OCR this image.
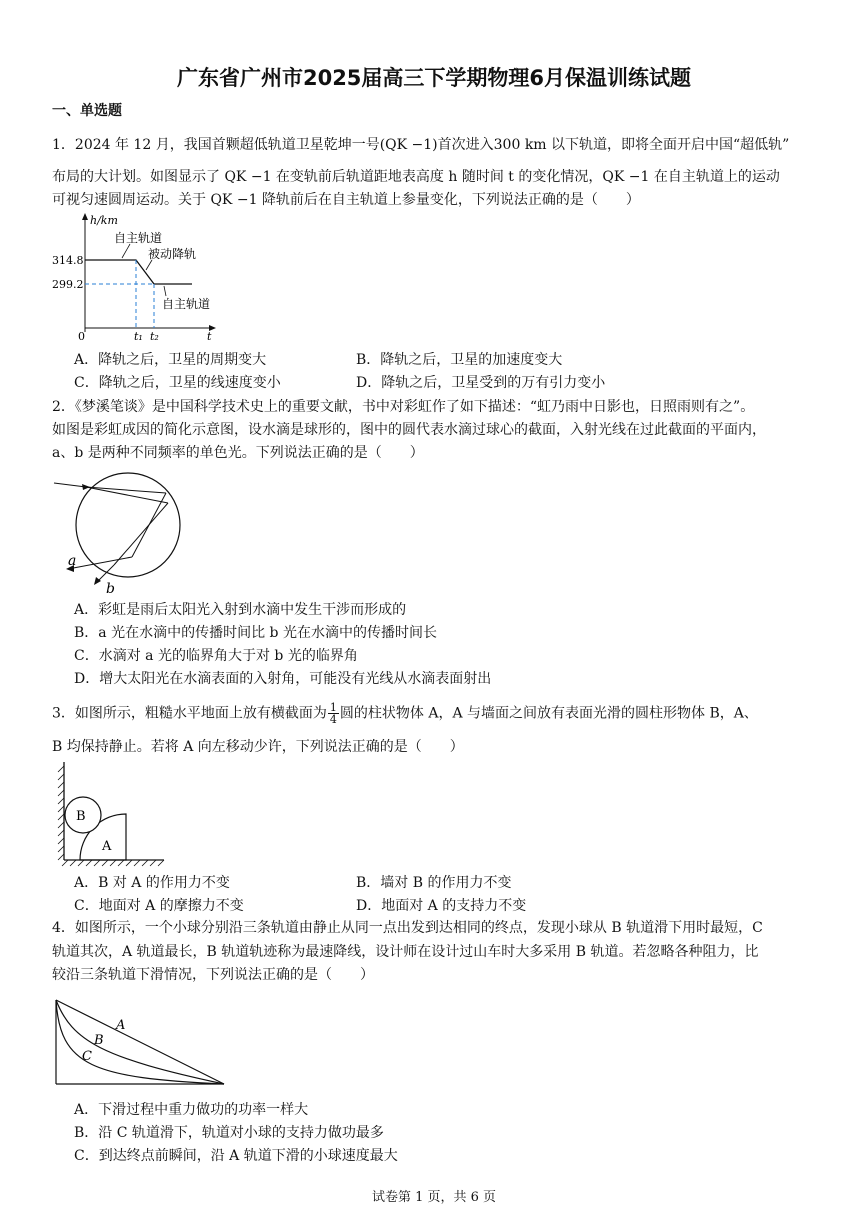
广东省广州市2025届高三下学期物理6月保温训练试题
一、单选题
1．2024 年 12 月，我国首颗超低轨道卫星乾坤一号(QK −1)首次进入300 km 以下轨道，即将全面开启中国“超低轨”
布局的大计划。如图显示了 QK −1 在变轨前后轨道距地表高度 h 随时间 t 的变化情况，QK −1 在自主轨道上的运动
可视匀速圆周运动。关于 QK −1 降轨前后在自主轨道上参量变化，下列说法正确的是（　　）
h/km
314.8
299.2
0	t
t₁ t₂
自主轨道
被动降轨
自主轨道
A．降轨之后，卫星的周期变大	B．降轨之后，卫星的加速度变大
C．降轨之后，卫星的线速度变小	D．降轨之后，卫星受到的万有引力变小
2．《梦溪笔谈》是中国科学技术史上的重要文献，书中对彩虹作了如下描述：“虹乃雨中日影也，日照雨则有之”。
如图是彩虹成因的简化示意图，设水滴是球形的，图中的圆代表水滴过球心的截面，入射光线在过此截面的平面内，
a、b 是两种不同频率的单色光。下列说法正确的是（　　）
a
b
A．彩虹是雨后太阳光入射到水滴中发生干涉而形成的
B．a 光在水滴中的传播时间比 b 光在水滴中的传播时间长
C．水滴对 a 光的临界角大于对 b 光的临界角
D．增大太阳光在水滴表面的入射角，可能没有光线从水滴表面射出
3．如图所示，粗糙水平地面上放有横截面为 $\frac{1}{4}$ 圆的柱状物体 A，A 与墙面之间放有表面光滑的圆柱形物体 B，A、
B 均保持静止。若将 A 向左移动少许，下列说法正确的是（　　）
B
A
A．B 对 A 的作用力不变	B．墙对 B 的作用力不变
C．地面对 A 的摩擦力不变	D．地面对 A 的支持力不变
4．如图所示，一个小球分别沿三条轨道由静止从同一点出发到达相同的终点，发现小球从 B 轨道滑下用时最短，C
轨道其次，A 轨道最长，B 轨道轨迹称为最速降线，设计师在设计过山车时大多采用 B 轨道。若忽略各种阻力，比
较沿三条轨道下滑情况，下列说法正确的是（　　）
A
B
C
A．下滑过程中重力做功的功率一样大
B．沿 C 轨道滑下，轨道对小球的支持力做功最多
C．到达终点前瞬间，沿 A 轨道下滑的小球速度最大
试卷第 1 页，共 6 页
